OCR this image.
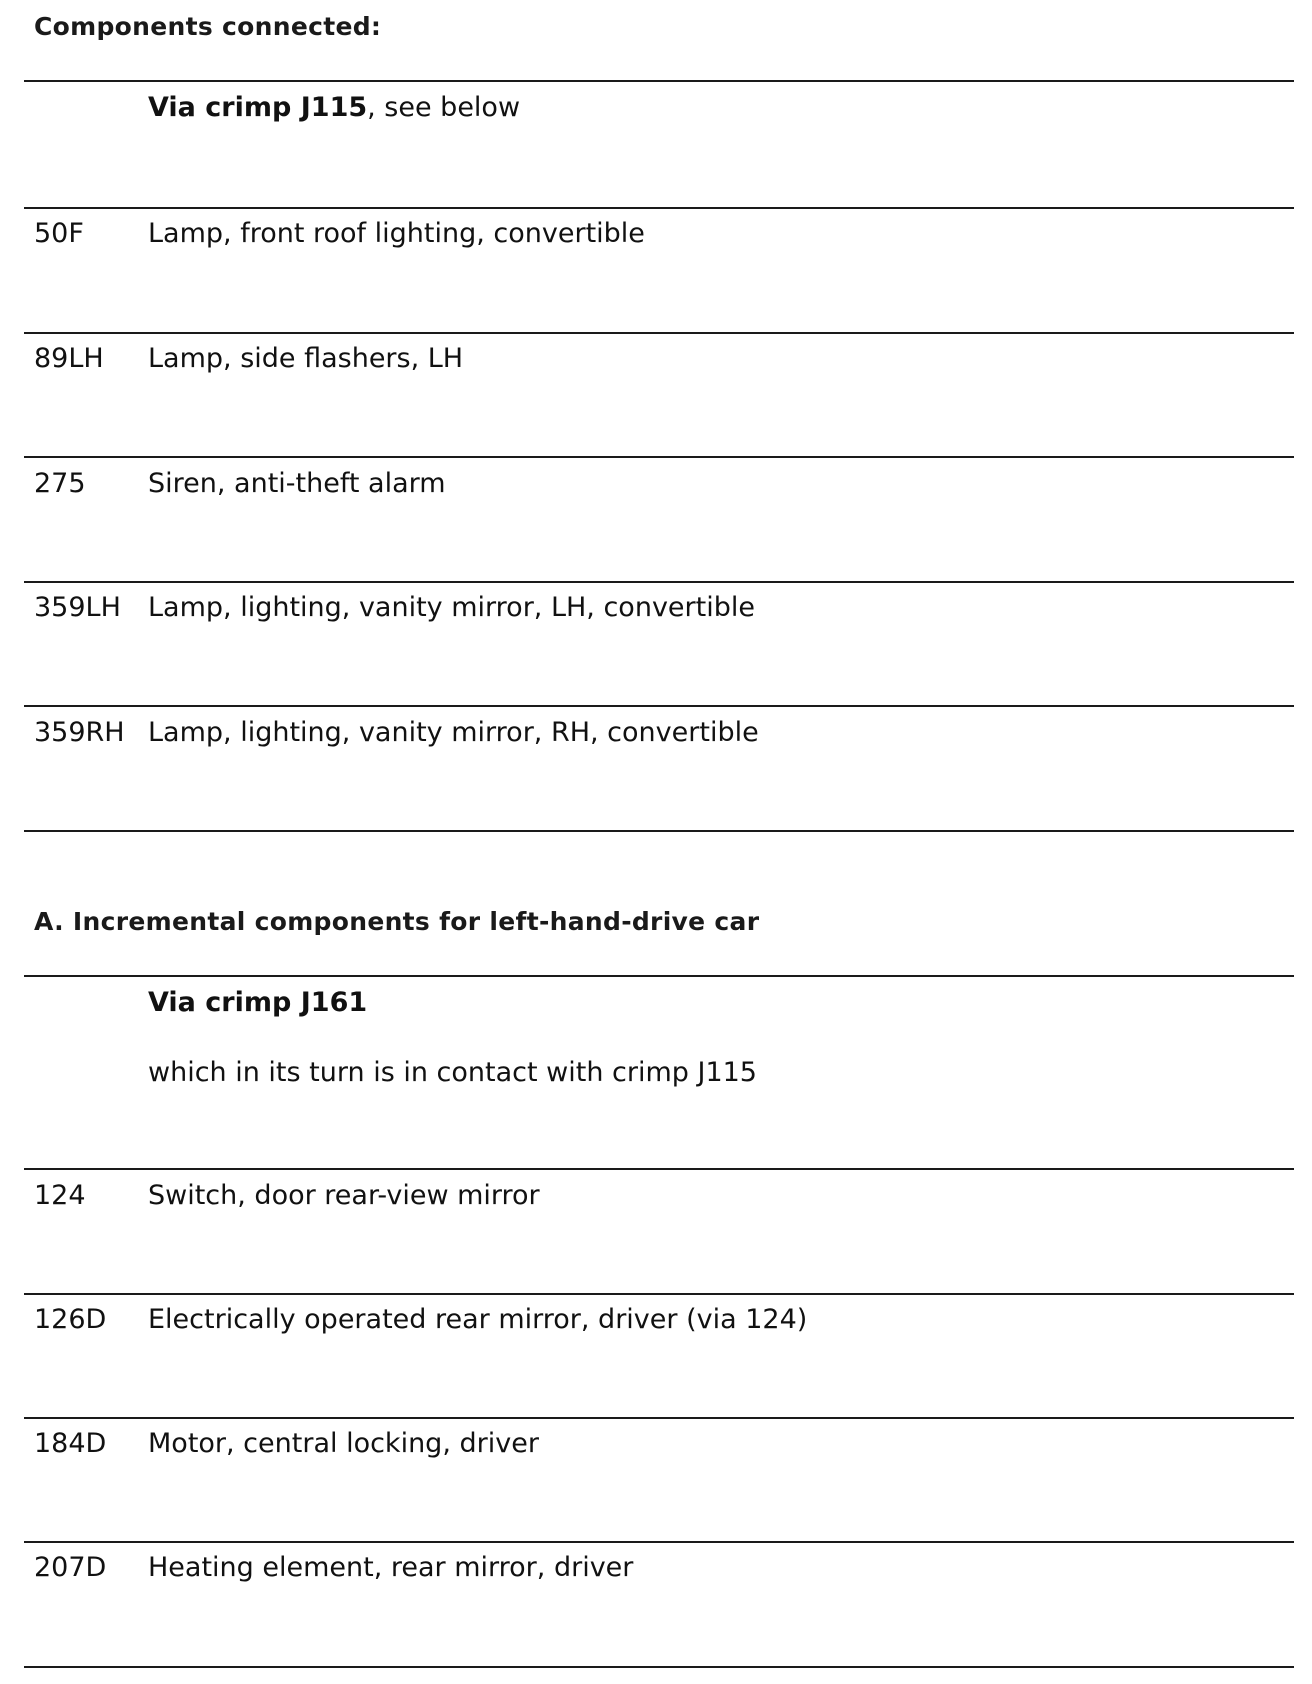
Components connected:
Via crimp J115, see below
50F Lamp, front roof lighting, convertible
89LH Lamp, side flashers, LH
275 Siren, anti-theft alarm
359LH Lamp, lighting, vanity mirror, LH, convertible
359RH Lamp, lighting, vanity mirror, RH, convertible
A. Incremental components for left-hand-drive car
Via crimp J161
which in its turn is in contact with crimp J115
124 Switch, door rear-view mirror
126D Electrically operated rear mirror, driver (via 124)
184D Motor, central locking, driver
207D Heating element, rear mirror, driver
